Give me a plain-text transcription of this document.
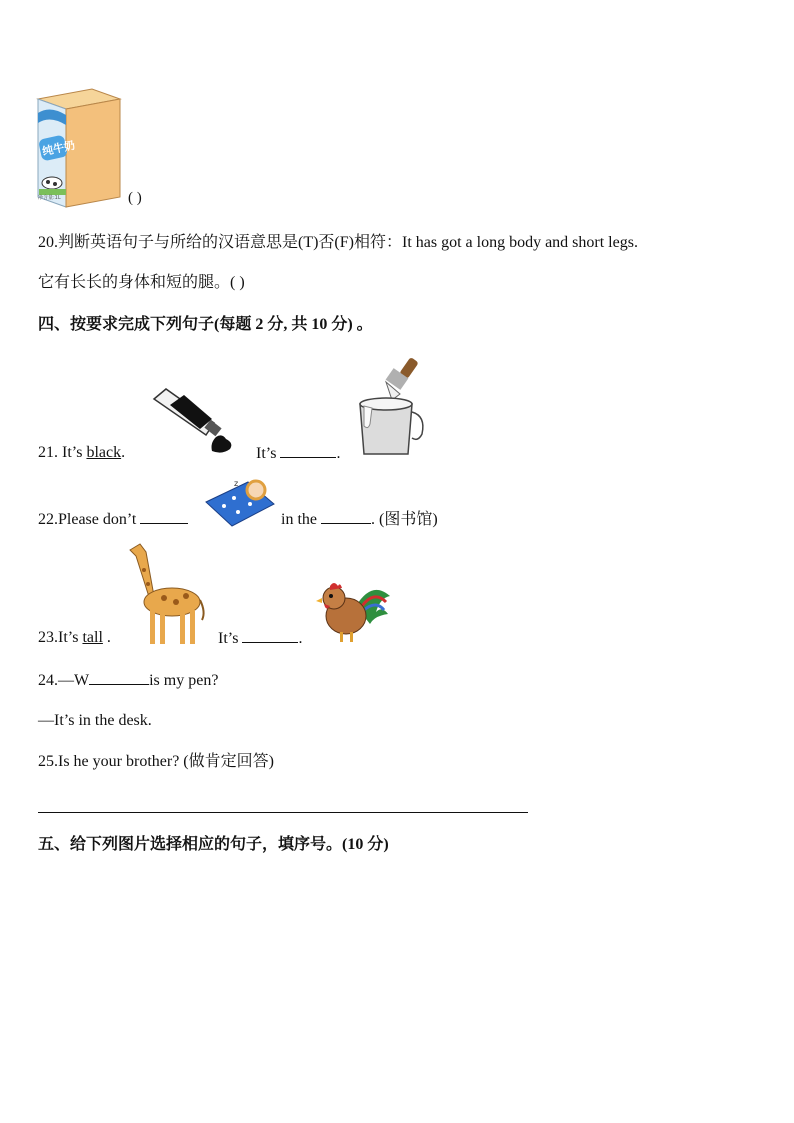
纯牛奶
净含量:1L	( )
20.判断英语句子与所给的汉语意思是(T)否(F)相符：It has got a long body and short legs.
它有长长的身体和短的腿。( )
四、按要求完成下列句子(每题 2 分, 共 10 分) 。
21. It’s black.	It’s	.
22.Please don’t
z
in the	. (图书馆)
23.It’s tall .	It’s	.
24.—W	is my pen?
—It’s in the desk.
25.Is he your brother? (做肯定回答)
五、给下列图片选择相应的句子，填序号。(10 分)
